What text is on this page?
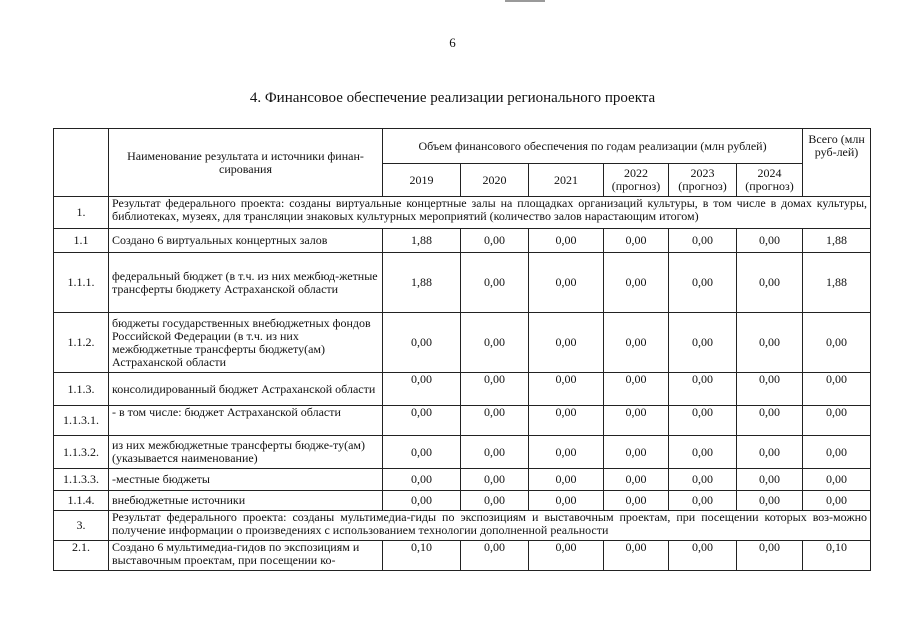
6
4. Финансовое обеспечение реализации регионального проекта
	Наименование результата и источники финан-сирования	Объем финансового обеспечения по годам реализации (млн рублей)						Всего (млн руб-лей)
		2019	2020	2021	2022 (прогноз)	2023 (прогноз)	2024 (прогноз)	
1.	Результат федерального проекта: созданы виртуальные концертные залы на площадках организаций культуры, в том числе в домах культуры, библиотеках, музеях, для трансляции знаковых культурных мероприятий (количество залов нарастающим итогом)							
1.1	Создано 6 виртуальных концертных залов	1,88	0,00	0,00	0,00	0,00	0,00	1,88
1.1.1.	федеральный бюджет (в т.ч. из них межбюд-жетные трансферты бюджету Астраханской области	1,88	0,00	0,00	0,00	0,00	0,00	1,88
1.1.2.	бюджеты государственных внебюджетных фондов Российской Федерации (в т.ч. из них межбюджетные трансферты бюджету(ам) Астраханской области	0,00	0,00	0,00	0,00	0,00	0,00	0,00
1.1.3.	консолидированный бюджет Астраханской области	0,00	0,00	0,00	0,00	0,00	0,00	0,00
1.1.3.1.	- в том числе: бюджет Астраханской области	0,00	0,00	0,00	0,00	0,00	0,00	0,00
1.1.3.2.	из них межбюджетные трансферты бюдже-ту(ам) (указывается наименование)	0,00	0,00	0,00	0,00	0,00	0,00	0,00
1.1.3.3.	-местные бюджеты	0,00	0,00	0,00	0,00	0,00	0,00	0,00
1.1.4.	внебюджетные источники	0,00	0,00	0,00	0,00	0,00	0,00	0,00
3.	Результат федерального проекта: созданы мультимедиа-гиды по экспозициям и выставочным проектам, при посещении которых воз-можно получение информации о произведениях с использованием технологии дополненной реальности							
2.1.	Создано 6 мультимедиа-гидов по экспозициям и выставочным проектам, при посещении ко-	0,10	0,00	0,00	0,00	0,00	0,00	0,10
